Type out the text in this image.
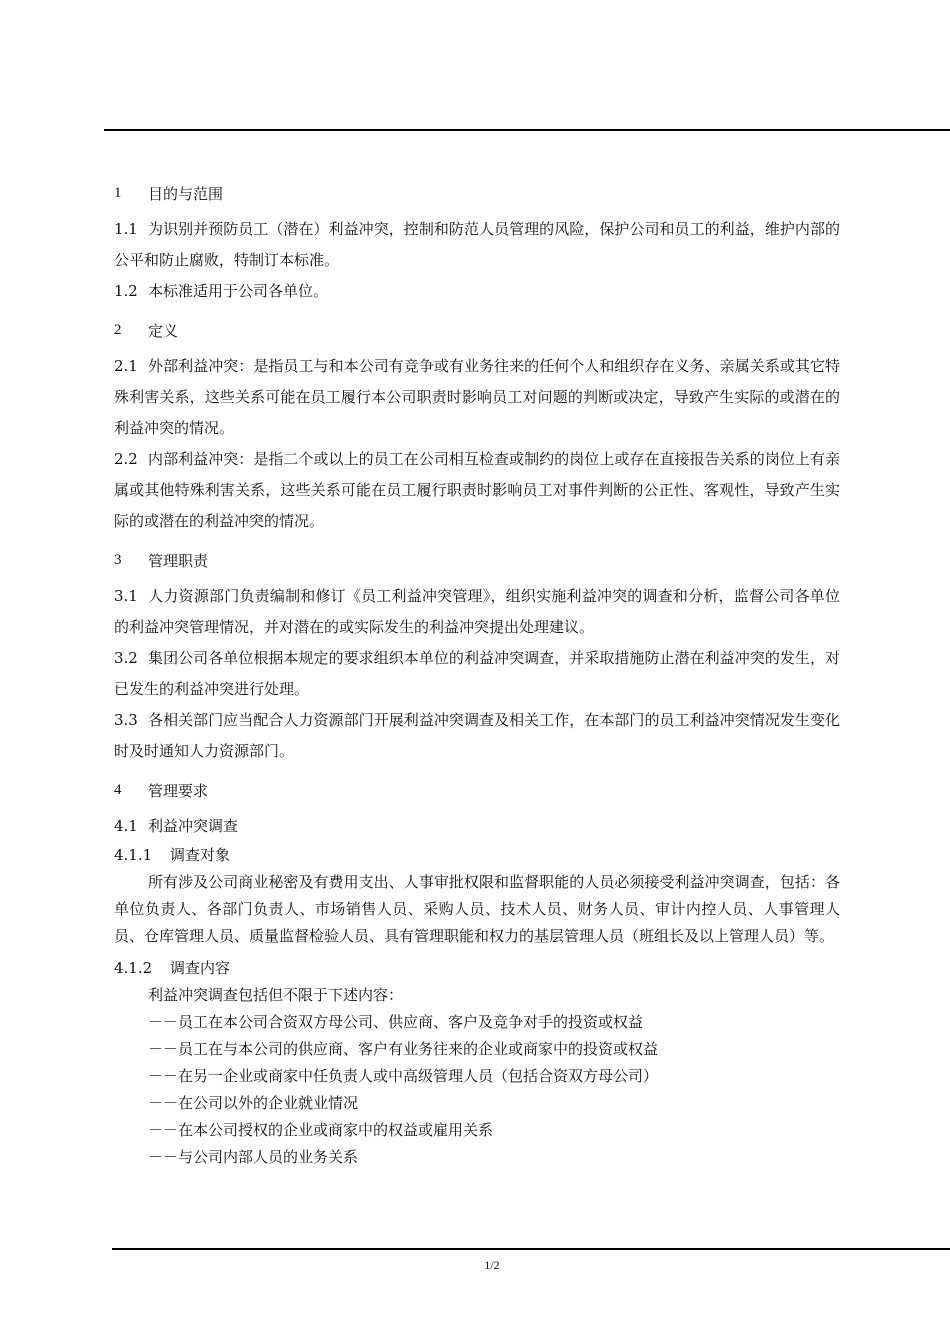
1	目的与范围

1.1 为识别并预防员工（潜在）利益冲突，控制和防范人员管理的风险，保护公司和员工的利益，维护内部的公平和防止腐败，特制订本标准。

1.2 本标准适用于公司各单位。

2	定义

2.1 外部利益冲突：是指员工与和本公司有竞争或有业务往来的任何个人和组织存在义务、亲属关系或其它特殊利害关系，这些关系可能在员工履行本公司职责时影响员工对问题的判断或决定，导致产生实际的或潜在的利益冲突的情况。

2.2 内部利益冲突：是指二个或以上的员工在公司相互检查或制约的岗位上或存在直接报告关系的岗位上有亲属或其他特殊利害关系，这些关系可能在员工履行职责时影响员工对事件判断的公正性、客观性，导致产生实际的或潜在的利益冲突的情况。

3	管理职责

3.1 人力资源部门负责编制和修订《员工利益冲突管理》，组织实施利益冲突的调查和分析，监督公司各单位的利益冲突管理情况，并对潜在的或实际发生的利益冲突提出处理建议。

3.2 集团公司各单位根据本规定的要求组织本单位的利益冲突调查，并采取措施防止潜在利益冲突的发生，对已发生的利益冲突进行处理。

3.3 各相关部门应当配合人力资源部门开展利益冲突调查及相关工作，在本部门的员工利益冲突情况发生变化时及时通知人力资源部门。

4	管理要求

4.1 利益冲突调查

4.1.1	调查对象

所有涉及公司商业秘密及有费用支出、人事审批权限和监督职能的人员必须接受利益冲突调查，包括：各单位负责人、各部门负责人、市场销售人员、采购人员、技术人员、财务人员、审计内控人员、人事管理人员、仓库管理人员、质量监督检验人员、具有管理职能和权力的基层管理人员（班组长及以上管理人员）等。

4.1.2	调查内容

利益冲突调查包括但不限于下述内容：

－－员工在本公司合资双方母公司、供应商、客户及竞争对手的投资或权益
－－员工在与本公司的供应商、客户有业务往来的企业或商家中的投资或权益
－－在另一企业或商家中任负责人或中高级管理人员（包括合资双方母公司）
－－在公司以外的企业就业情况
－－在本公司授权的企业或商家中的权益或雇用关系
－－与公司内部人员的业务关系
1/2
